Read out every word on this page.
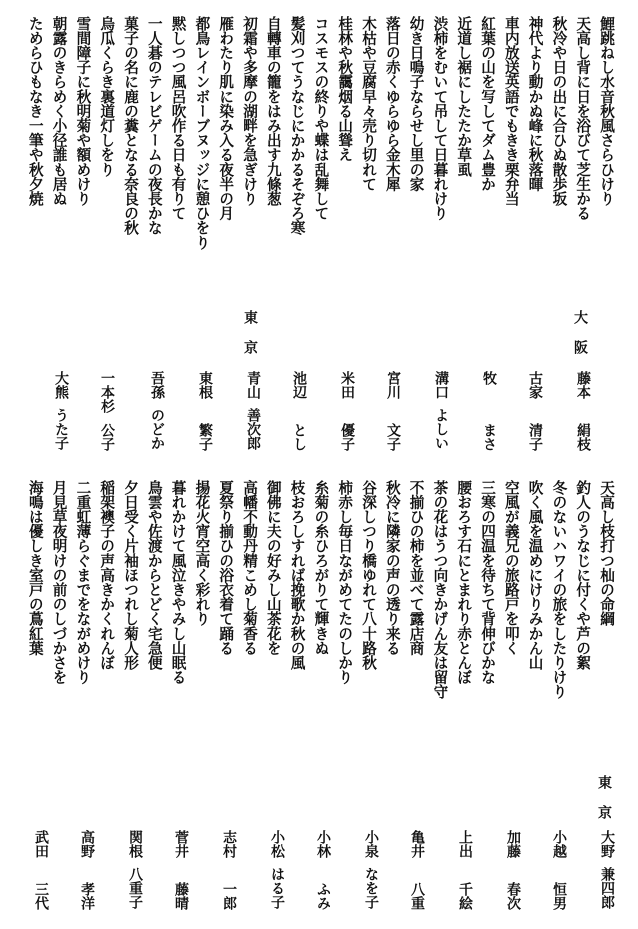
鯉跳ねし水音秋風さらひけり
天高し背に日を浴びて芝生かる
秋冷や日の出に合ひぬ散歩坂
神代より動かぬ峰に秋落暉
車内放送英語でもきき栗弁当
紅葉の山を写してダム豊か
近道し裾にしたたか草虱
渋柿をむいて吊して日暮れけり
幼き日鳴子ならせし里の家
落日の赤くゆらゆら金木犀
木枯や豆腐早々売り切れて
桂林や秋靄烟る山聳え
コスモスの終りや蝶は乱舞して
髪刈つてうなじにかかるそぞろ寒
自轉車の籠をはみ出す九條葱
初霜や多摩の湖畔を急ぎけり
雁わたり肌に染み入る夜半の月
都鳥レインボーブヌッジに憩ひをり
黙しつつ風呂吹作る日も有りて
一人碁のテレビゲームの夜長かな
菓子の名に鹿の糞となる奈良の秋
烏瓜くらき裏道灯しをり
雪間障子に秋明菊や額めけり
朝露のきらめく小径誰も居ぬ
ためらひもなき一筆や秋夕焼
大
阪
藤本
絹枝
古家
清子
牧
まさ
溝口
よしい
宮川
文子
米田
優子
池辺
とし
東
京
青山
善次郎
東根
繁子
吾孫
のどか
一本杉
公子
大熊
うた子
天高し枝打つ杣の命綱
釣人のうなじに付くや芦の絮
冬のないハワイの旅をしたりけり
吹く風を温めにけりみかん山
空風が義兄の旅路戸を叩く
三寒の四温を待ちて背伸びかな
腰おろす石にとまれり赤とんぼ
茶の花はうつ向きかげん友は留守
不揃ひの柿を並べて露店商
秋冷に隣家の声の透り来る
谷深しつり橋ゆれて八十路秋
柿赤し毎日ながめてたのしかり
糸菊の糸ひろがりて輝きぬ
枝おろしすれば挽歌か秋の風
御佛に夫の好みし山茶花を
高幡不動丹精こめし菊香る
夏祭り揃ひの浴衣着て踊る
揚花火宵空高く彩れり
暮れかけて風泣きやみし山眠る
鳥雲や佐渡からとどく宅急便
夕日受く片袖ほつれし菊人形
稲架襖子の声高きかくれんぼ
二重虹薄らぐまでをながめけり
月見草夜明けの前のしづかさを
海鳴は優しき室戸の蔦紅葉
東
京
大野
兼四郎
小越
恒男
加藤
春次
上出
千絵
亀井
八重
小泉
なを子
小林
ふみ
小松
はる子
志村
一郎
菅井
藤晴
関根
八重子
高野
孝洋
武田
三代
